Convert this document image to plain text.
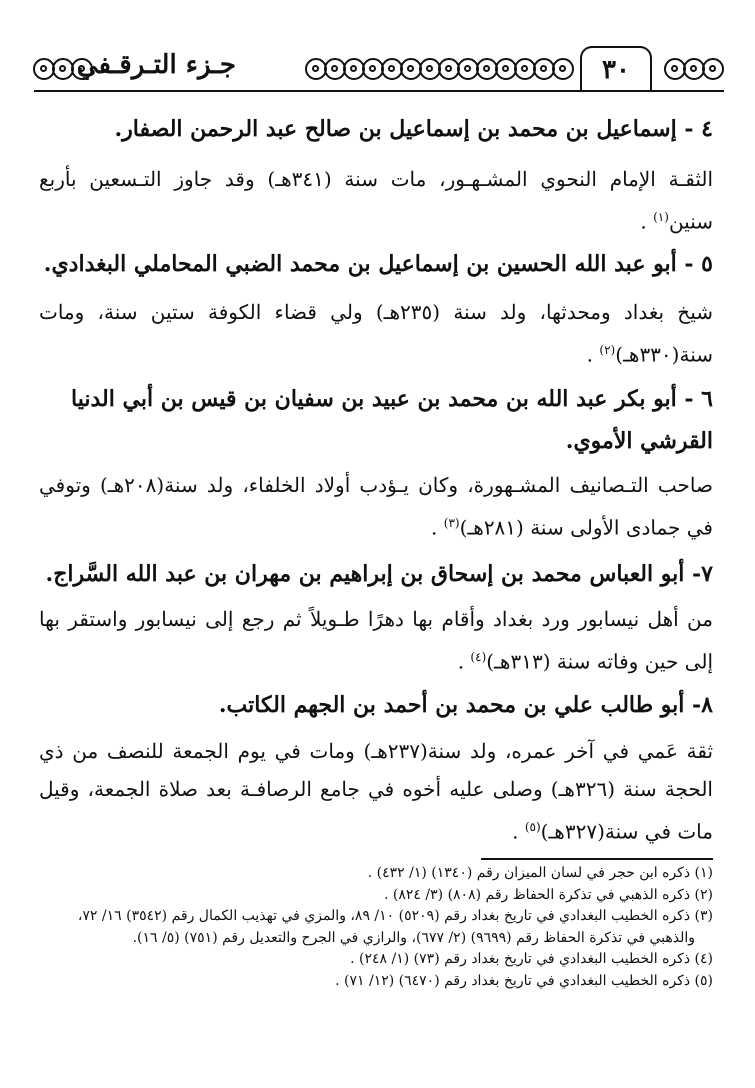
٣٠
جـزء التـرقـفي
٤ - إسماعيل بن محمد بن إسماعيل بن صالح عبد الرحمن الصفار.
الثقـة الإمام النحوي المشـهـور، مات سنة (٣٤١هـ) وقد جاوز التـسعين بأربع سنين$^{(١)}$ .
٥ - أبو عبد الله الحسين بن إسماعيل بن محمد الضبي المحاملي البغدادي.
شيخ بغداد ومحدثها، ولد سنة (٢٣٥هـ) ولي قضاء الكوفة ستين سنة، ومات سنة(٣٣٠هـ)$^{(٢)}$ .
٦ - أبو بكر عبد الله بن محمد بن عبيد بن سفيان بن قيس بن أبي الدنيا القرشي الأموي.
صاحب التـصانيف المشـهورة، وكان يـؤدب أولاد الخلفاء، ولد سنة(٢٠٨هـ) وتوفي في جمادى الأولى سنة (٢٨١هـ)$^{(٣)}$ .
٧- أبو العباس محمد بن إسحاق بن إبراهيم بن مهران بن عبد الله السَّراج.
من أهل نيسابور ورد بغداد وأقام بها دهرًا طـويلاً ثم رجع إلى نيسابور واستقر بها إلى حين وفاته سنة (٣١٣هـ)$^{(٤)}$ .
٨- أبو طالب علي بن محمد بن أحمد بن الجهم الكاتب.
ثقة عَمي في آخر عمره، ولد سنة(٢٣٧هـ) ومات في يوم الجمعة للنصف من ذي الحجة سنة (٣٢٦هـ) وصلى عليه أخوه في جامع الرصافـة بعد صلاة الجمعة، وقيل مات في سنة(٣٢٧هـ)$^{(٥)}$ .
(١) ذكره ابن حجر في لسان الميزان رقم (١٣٤٠) (١/ ٤٣٢) .
(٢) ذكره الذهبي في تذكرة الحفاظ رقم (٨٠٨) (٣/ ٨٢٤) .
(٣) ذكره الخطيب البغدادي في تاريخ بغداد رقم (٥٢٠٩) ١٠/ ٨٩، والمزي في تهذيب الكمال رقم (٣٥٤٢) ١٦/ ٧٢،
والذهبي في تذكرة الحفاظ رقم (٩٦٩٩) (٢/ ٦٧٧)، والرازي في الجرح والتعديل رقم (٧٥١) (٥/ ١٦).
(٤) ذكره الخطيب البغدادي في تاريخ بغداد رقم (٧٣) (١/ ٢٤٨) .
(٥) ذكره الخطيب البغدادي في تاريخ بغداد رقم (٦٤٧٠) (١٢/ ٧١) .
